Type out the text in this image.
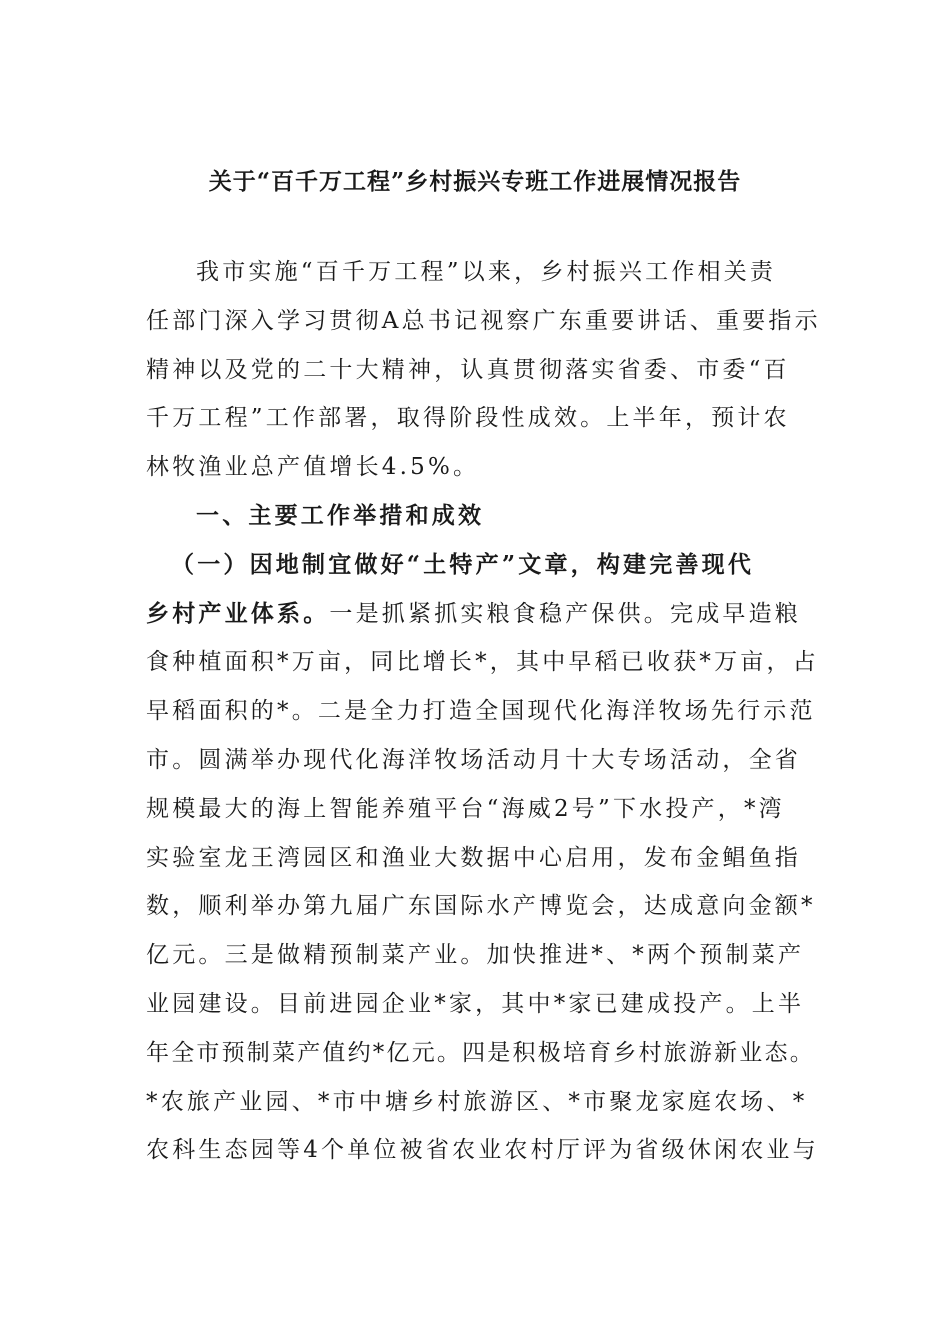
关于“百千万工程”乡村振兴专班工作进展情况报告
我市实施“百千万工程”以来，乡村振兴工作相关责
任部门深入学习贯彻A总书记视察广东重要讲话、重要指示
精神以及党的二十大精神，认真贯彻落实省委、市委“百
千万工程”工作部署，取得阶段性成效。上半年，预计农
林牧渔业总产值增长4.5%。
一、主要工作举措和成效
（一）因地制宜做好“土特产”文章，构建完善现代
乡村产业体系。一是抓紧抓实粮食稳产保供。完成早造粮
食种植面积*万亩，同比增长*，其中早稻已收获*万亩，占
早稻面积的*。二是全力打造全国现代化海洋牧场先行示范
市。圆满举办现代化海洋牧场活动月十大专场活动，全省
规模最大的海上智能养殖平台“海威2号”下水投产，*湾
实验室龙王湾园区和渔业大数据中心启用，发布金鲳鱼指
数，顺利举办第九届广东国际水产博览会，达成意向金额*
亿元。三是做精预制菜产业。加快推进*、*两个预制菜产
业园建设。目前进园企业*家，其中*家已建成投产。上半
年全市预制菜产值约*亿元。四是积极培育乡村旅游新业态。
*农旅产业园、*市中塘乡村旅游区、*市聚龙家庭农场、*
农科生态园等4个单位被省农业农村厅评为省级休闲农业与
